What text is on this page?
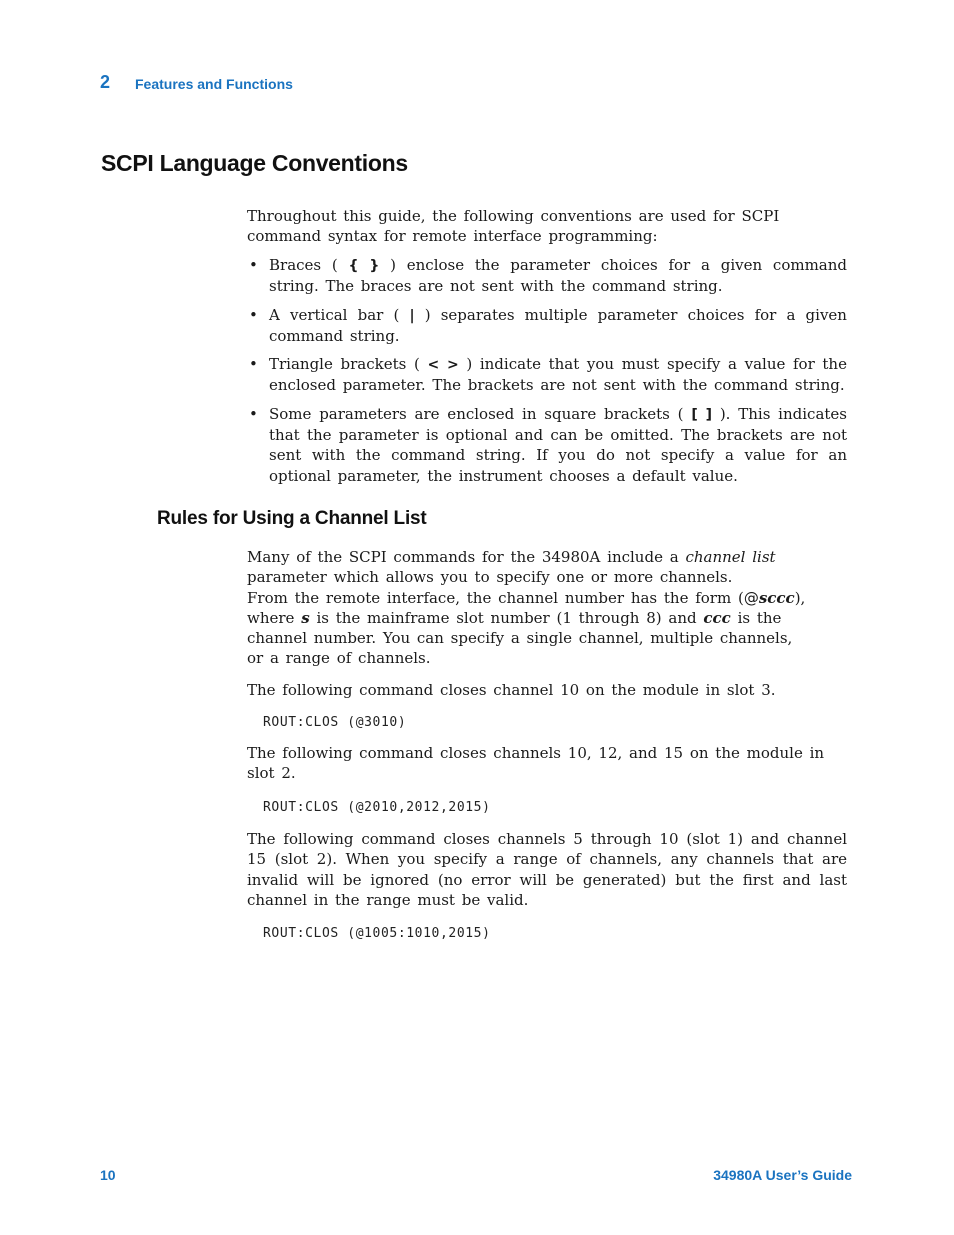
2 Features and Functions
SCPI Language Conventions

Throughout this guide, the following conventions are used for SCPI command syntax for remote interface programming:

• Braces ( { } ) enclose the parameter choices for a given command string. The braces are not sent with the command string.
• A vertical bar ( | ) separates multiple parameter choices for a given command string.
• Triangle brackets ( < > ) indicate that you must specify a value for the enclosed parameter. The brackets are not sent with the command string.
• Some parameters are enclosed in square brackets ( [ ] ). This indicates that the parameter is optional and can be omitted. The brackets are not sent with the command string. If you do not specify a value for an optional parameter, the instrument chooses a default value.
Rules for Using a Channel List

Many of the SCPI commands for the 34980A include a channel list parameter which allows you to specify one or more channels.
From the remote interface, the channel number has the form (@sccc), where s is the mainframe slot number (1 through 8) and ccc is the channel number. You can specify a single channel, multiple channels, or a range of channels.

The following command closes channel 10 on the module in slot 3.

ROUT:CLOS (@3010)

The following command closes channels 10, 12, and 15 on the module in slot 2.

ROUT:CLOS (@2010,2012,2015)

The following command closes channels 5 through 10 (slot 1) and channel 15 (slot 2). When you specify a range of channels, any channels that are invalid will be ignored (no error will be generated) but the first and last channel in the range must be valid.

ROUT:CLOS (@1005:1010,2015)
10	34980A User’s Guide
